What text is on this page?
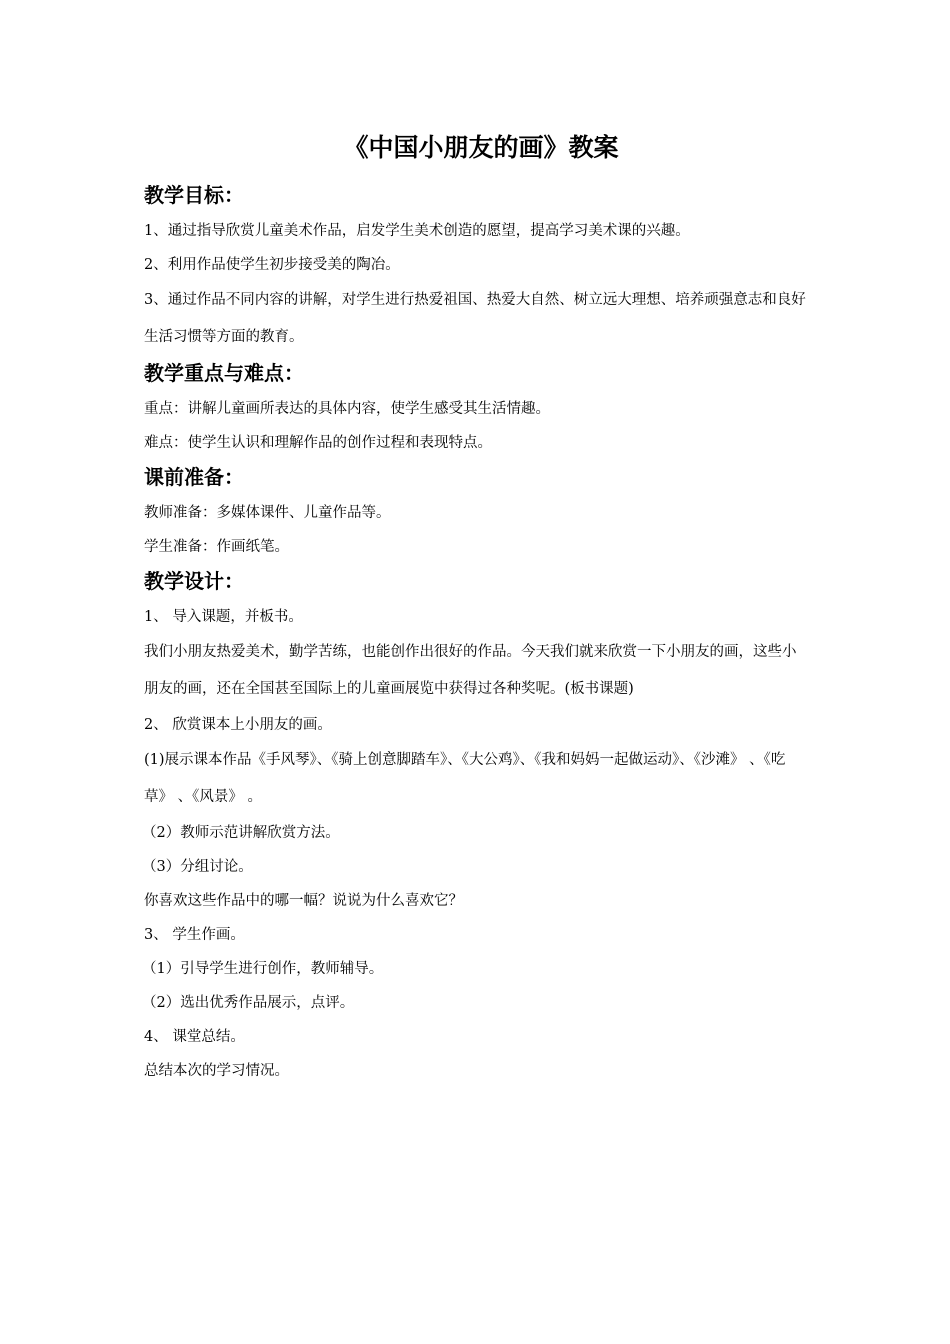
《中国小朋友的画》教案
教学目标：

1、通过指导欣赏儿童美术作品，启发学生美术创造的愿望，提高学习美术课的兴趣。

2、利用作品使学生初步接受美的陶冶。

3、通过作品不同内容的讲解，对学生进行热爱祖国、热爱大自然、树立远大理想、培养顽强意志和良好生活习惯等方面的教育。

教学重点与难点：

重点：讲解儿童画所表达的具体内容，使学生感受其生活情趣。

难点：使学生认识和理解作品的创作过程和表现特点。

课前准备：

教师准备：多媒体课件、儿童作品等。

学生准备：作画纸笔。

教学设计：

1、 导入课题，并板书。

我们小朋友热爱美术，勤学苦练，也能创作出很好的作品。今天我们就来欣赏一下小朋友的画，这些小朋友的画，还在全国甚至国际上的儿童画展览中获得过各种奖呢。(板书课题)

2、 欣赏课本上小朋友的画。

(1)展示课本作品《手风琴》、《骑上创意脚踏车》、《大公鸡》、《我和妈妈一起做运动》、《沙滩》 、《吃草》 、《风景》 。

（2）教师示范讲解欣赏方法。

（3）分组讨论。

你喜欢这些作品中的哪一幅？说说为什么喜欢它？

3、 学生作画。

（1）引导学生进行创作，教师辅导。

（2）选出优秀作品展示，点评。

4、 课堂总结。

总结本次的学习情况。
